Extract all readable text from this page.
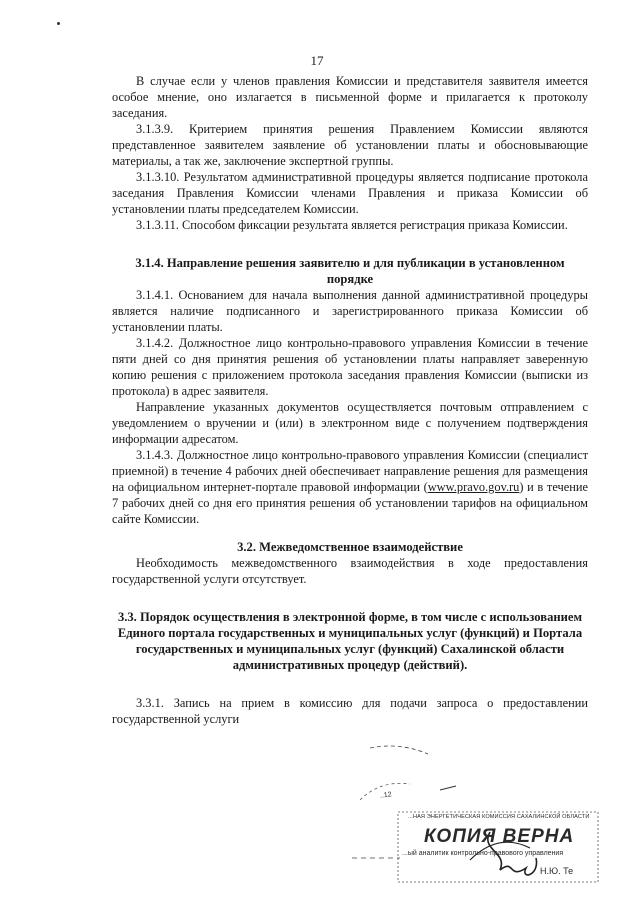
17

В случае если у членов правления Комиссии и представителя заявителя имеется особое мнение, оно излагается в письменной форме и прилагается к протоколу заседания.

3.1.3.9. Критерием принятия решения Правлением Комиссии являются представленное заявителем заявление об установлении платы и обосновывающие материалы, а так же, заключение экспертной группы.

3.1.3.10. Результатом административной процедуры является подписание протокола заседания Правления Комиссии членами Правления и приказа Комиссии об установлении платы председателем Комиссии.

3.1.3.11. Способом фиксации результата является регистрация приказа Комиссии.

3.1.4. Направление решения заявителю и для публикации в установленном порядке

3.1.4.1. Основанием для начала выполнения данной административной процедуры является наличие подписанного и зарегистрированного приказа Комиссии об установлении платы.

3.1.4.2. Должностное лицо контрольно-правового управления Комиссии в течение пяти дней со дня принятия решения об установлении платы направляет заверенную копию решения с приложением протокола заседания правления Комиссии (выписки из протокола) в адрес заявителя.

Направление указанных документов осуществляется почтовым отправлением с уведомлением о вручении и (или) в электронном виде с получением подтверждения информации адресатом.

3.1.4.3. Должностное лицо контрольно-правового управления Комиссии (специалист приемной) в течение 4 рабочих дней обеспечивает направление решения для размещения на официальном интернет-портале правовой информации (www.pravo.gov.ru) и в течение 7 рабочих дней со дня его принятия решения об установлении тарифов на официальном сайте Комиссии.

3.2. Межведомственное взаимодействие

Необходимость межведомственного взаимодействия в ходе предоставления государственной услуги отсутствует.

3.3. Порядок осуществления в электронной форме, в том числе с использованием Единого портала государственных и муниципальных услуг (функций) и Портала государственных и муниципальных услуг (функций) Сахалинской области административных процедур (действий).

3.3.1. Запись на прием в комиссию для подачи запроса о предоставлении государственной услуги

..12
...НАЯ ЭНЕРГЕТИЧЕСКАЯ КОМИССИЯ САХАЛИНСКОЙ ОБЛАСТИ
КОПИЯ ВЕРНА
...ый аналитик контрольно-правового управления
Н.Ю. Те
